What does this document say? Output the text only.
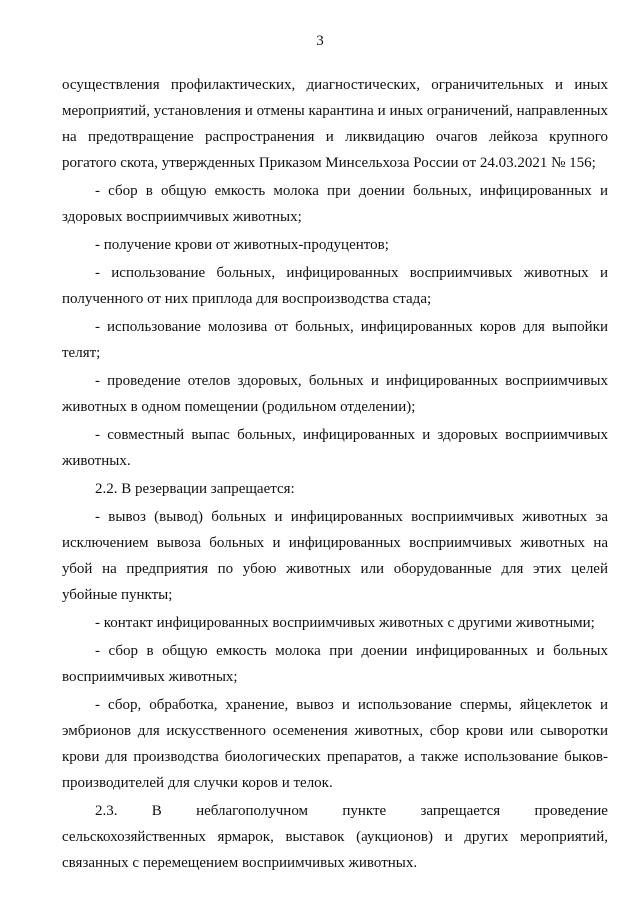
3

осуществления профилактических, диагностических, ограничительных и иных мероприятий, установления и отмены карантина и иных ограничений, направленных на предотвращение распространения и ликвидацию очагов лейкоза крупного рогатого скота, утвержденных Приказом Минсельхоза России от 24.03.2021 № 156;

- сбор в общую емкость молока при доении больных, инфицированных и здоровых восприимчивых животных;

- получение крови от животных-продуцентов;

- использование больных, инфицированных восприимчивых животных и полученного от них приплода для воспроизводства стада;

- использование молозива от больных, инфицированных коров для выпойки телят;

- проведение отелов здоровых, больных и инфицированных восприимчивых животных в одном помещении (родильном отделении);

- совместный выпас больных, инфицированных и здоровых восприимчивых животных.

2.2. В резервации запрещается:

- вывоз (вывод) больных и инфицированных восприимчивых животных за исключением вывоза больных и инфицированных восприимчивых животных на убой на предприятия по убою животных или оборудованные для этих целей убойные пункты;

- контакт инфицированных восприимчивых животных с другими животными;

- сбор в общую емкость молока при доении инфицированных и больных восприимчивых животных;

- сбор, обработка, хранение, вывоз и использование спермы, яйцеклеток и эмбрионов для искусственного осеменения животных, сбор крови или сыворотки крови для производства биологических препаратов, а также использование быков-производителей для случки коров и телок.

2.3. В неблагополучном пункте запрещается проведение

сельскохозяйственных ярмарок, выставок (аукционов) и других мероприятий, связанных с перемещением восприимчивых животных.
